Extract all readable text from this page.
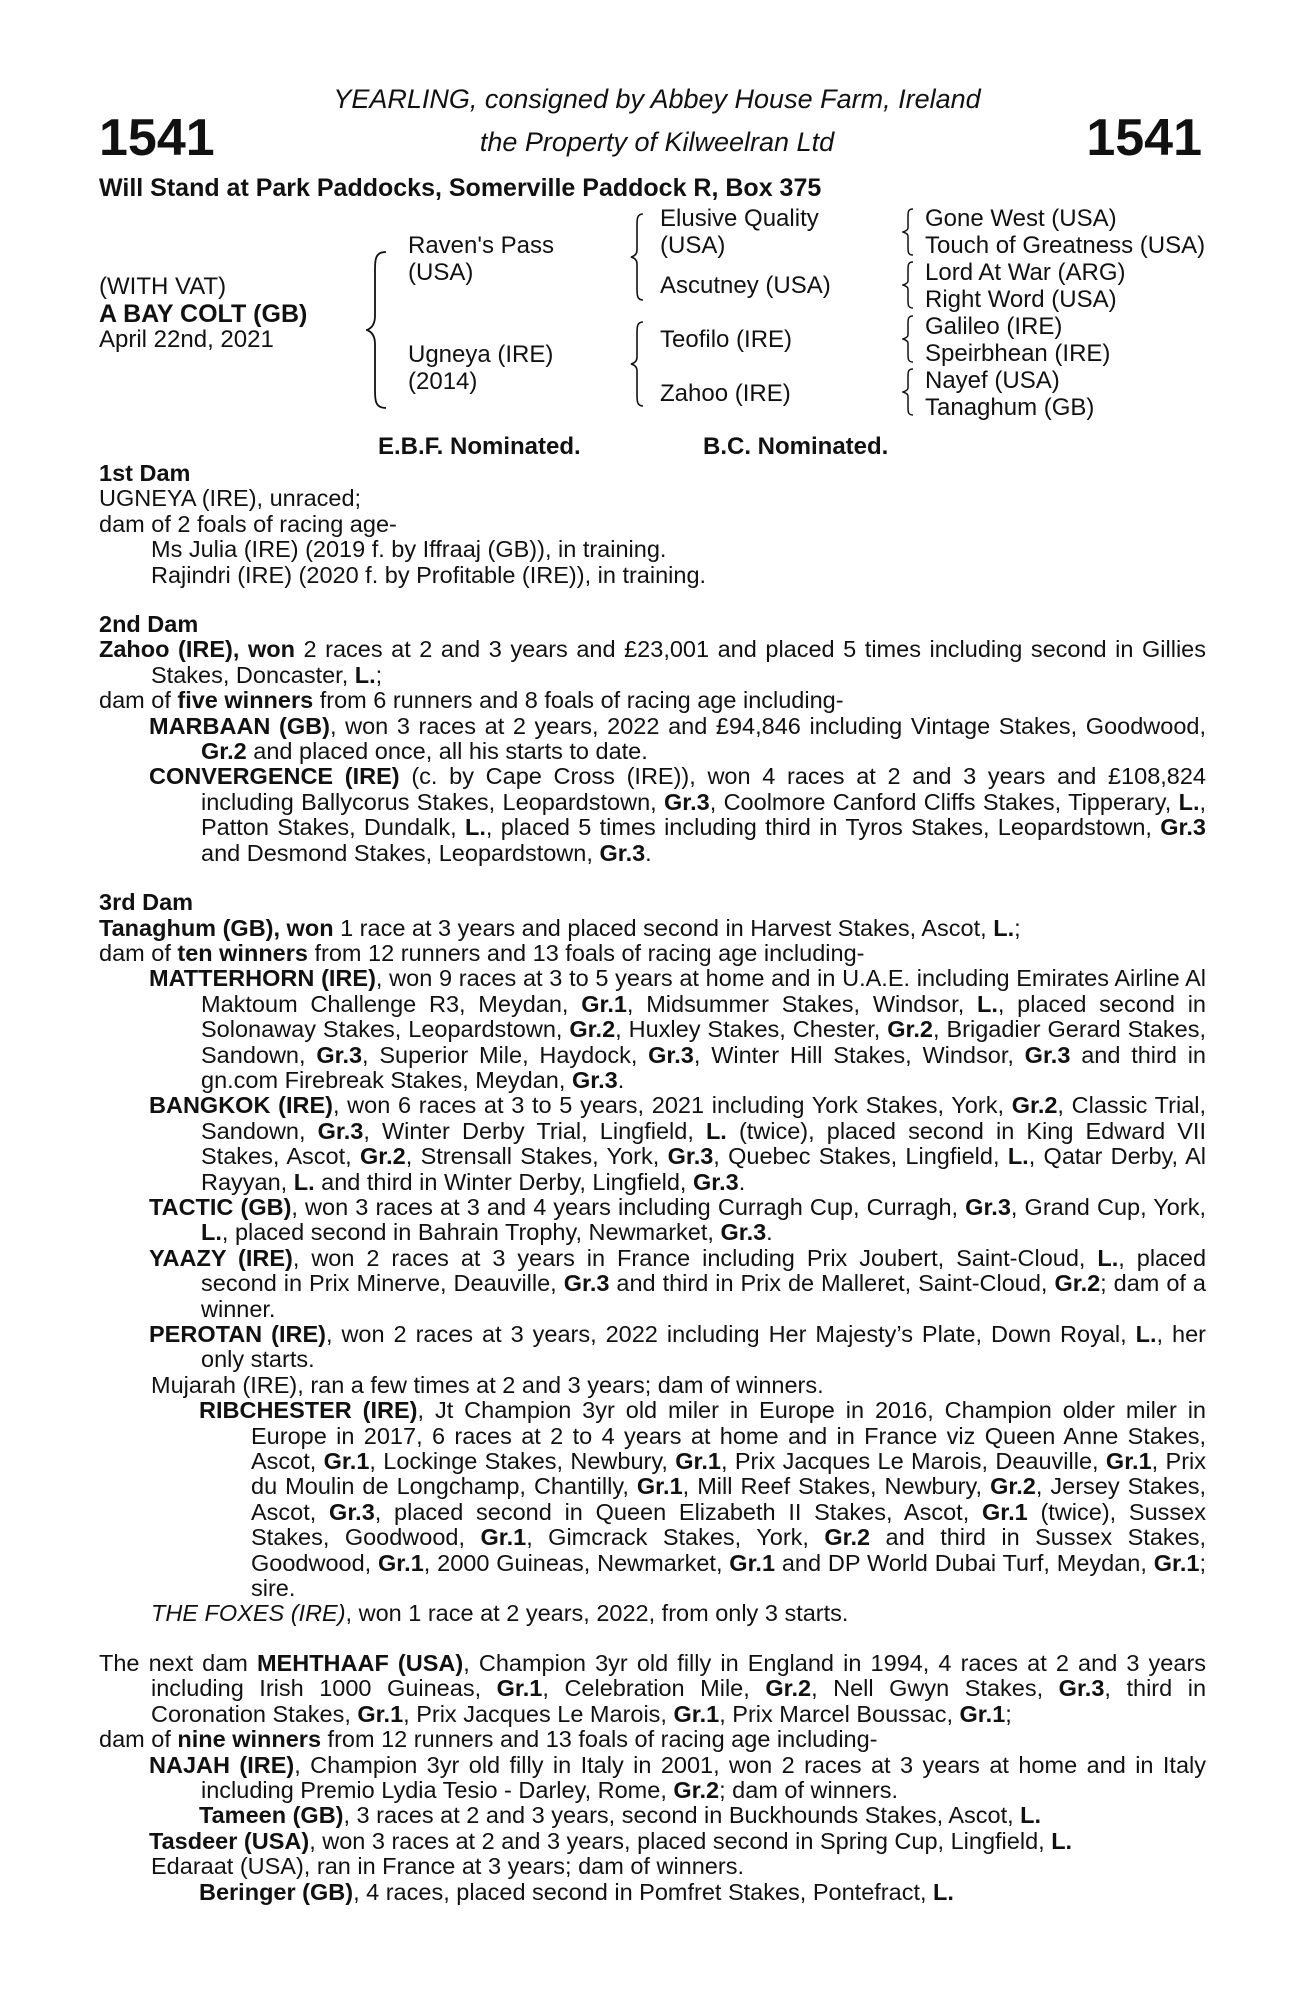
1541	1541
YEARLING, consigned by Abbey House Farm, Ireland
the Property of Kilweelran Ltd
Will Stand at Park Paddocks, Somerville Paddock R, Box 375
(WITH VAT)
A BAY COLT (GB)
April 22nd, 2021
Raven's Pass
(USA)
Ugneya (IRE)
(2014)
Elusive Quality
(USA)
Ascutney (USA)
Teofilo (IRE)
Zahoo (IRE)
Gone West (USA)
Touch of Greatness (USA)
Lord At War (ARG)
Right Word (USA)
Galileo (IRE)
Speirbhean (IRE)
Nayef (USA)
Tanaghum (GB)
E.B.F. Nominated.	B.C. Nominated.

1st Dam

UGNEYA (IRE), unraced;

dam of 2 foals of racing age-

Ms Julia (IRE) (2019 f. by Iffraaj (GB)), in training.

Rajindri (IRE) (2020 f. by Profitable (IRE)), in training.

2nd Dam

Zahoo (IRE), won 2 races at 2 and 3 years and £23,001 and placed 5 times including second in Gillies Stakes, Doncaster, L.;

dam of five winners from 6 runners and 8 foals of racing age including-

MARBAAN (GB), won 3 races at 2 years, 2022 and £94,846 including Vintage Stakes, Goodwood, Gr.2 and placed once, all his starts to date.

CONVERGENCE (IRE) (c. by Cape Cross (IRE)), won 4 races at 2 and 3 years and £108,824 including Ballycorus Stakes, Leopardstown, Gr.3, Coolmore Canford Cliffs Stakes, Tipperary, L., Patton Stakes, Dundalk, L., placed 5 times including third in Tyros Stakes, Leopardstown, Gr.3 and Desmond Stakes, Leopardstown, Gr.3.

3rd Dam

Tanaghum (GB), won 1 race at 3 years and placed second in Harvest Stakes, Ascot, L.;

dam of ten winners from 12 runners and 13 foals of racing age including-

MATTERHORN (IRE), won 9 races at 3 to 5 years at home and in U.A.E. including Emirates Airline Al Maktoum Challenge R3, Meydan, Gr.1, Midsummer Stakes, Windsor, L., placed second in Solonaway Stakes, Leopardstown, Gr.2, Huxley Stakes, Chester, Gr.2, Brigadier Gerard Stakes, Sandown, Gr.3, Superior Mile, Haydock, Gr.3, Winter Hill Stakes, Windsor, Gr.3 and third in gn.com Firebreak Stakes, Meydan, Gr.3.

BANGKOK (IRE), won 6 races at 3 to 5 years, 2021 including York Stakes, York, Gr.2, Classic Trial, Sandown, Gr.3, Winter Derby Trial, Lingfield, L. (twice), placed second in King Edward VII Stakes, Ascot, Gr.2, Strensall Stakes, York, Gr.3, Quebec Stakes, Lingfield, L., Qatar Derby, Al Rayyan, L. and third in Winter Derby, Lingfield, Gr.3.

TACTIC (GB), won 3 races at 3 and 4 years including Curragh Cup, Curragh, Gr.3, Grand Cup, York, L., placed second in Bahrain Trophy, Newmarket, Gr.3.

YAAZY (IRE), won 2 races at 3 years in France including Prix Joubert, Saint-Cloud, L., placed second in Prix Minerve, Deauville, Gr.3 and third in Prix de Malleret, Saint-Cloud, Gr.2; dam of a winner.

PEROTAN (IRE), won 2 races at 3 years, 2022 including Her Majesty’s Plate, Down Royal, L., her only starts.

Mujarah (IRE), ran a few times at 2 and 3 years; dam of winners.

RIBCHESTER (IRE), Jt Champion 3yr old miler in Europe in 2016, Champion older miler in Europe in 2017, 6 races at 2 to 4 years at home and in France viz Queen Anne Stakes, Ascot, Gr.1, Lockinge Stakes, Newbury, Gr.1, Prix Jacques Le Marois, Deauville, Gr.1, Prix du Moulin de Longchamp, Chantilly, Gr.1, Mill Reef Stakes, Newbury, Gr.2, Jersey Stakes, Ascot, Gr.3, placed second in Queen Elizabeth II Stakes, Ascot, Gr.1 (twice), Sussex Stakes, Goodwood, Gr.1, Gimcrack Stakes, York, Gr.2 and third in Sussex Stakes, Goodwood, Gr.1, 2000 Guineas, Newmarket, Gr.1 and DP World Dubai Turf, Meydan, Gr.1; sire.

THE FOXES (IRE), won 1 race at 2 years, 2022, from only 3 starts.

The next dam MEHTHAAF (USA), Champion 3yr old filly in England in 1994, 4 races at 2 and 3 years including Irish 1000 Guineas, Gr.1, Celebration Mile, Gr.2, Nell Gwyn Stakes, Gr.3, third in Coronation Stakes, Gr.1, Prix Jacques Le Marois, Gr.1, Prix Marcel Boussac, Gr.1;

dam of nine winners from 12 runners and 13 foals of racing age including-

NAJAH (IRE), Champion 3yr old filly in Italy in 2001, won 2 races at 3 years at home and in Italy including Premio Lydia Tesio - Darley, Rome, Gr.2; dam of winners.

Tameen (GB), 3 races at 2 and 3 years, second in Buckhounds Stakes, Ascot, L.

Tasdeer (USA), won 3 races at 2 and 3 years, placed second in Spring Cup, Lingfield, L.

Edaraat (USA), ran in France at 3 years; dam of winners.

Beringer (GB), 4 races, placed second in Pomfret Stakes, Pontefract, L.
